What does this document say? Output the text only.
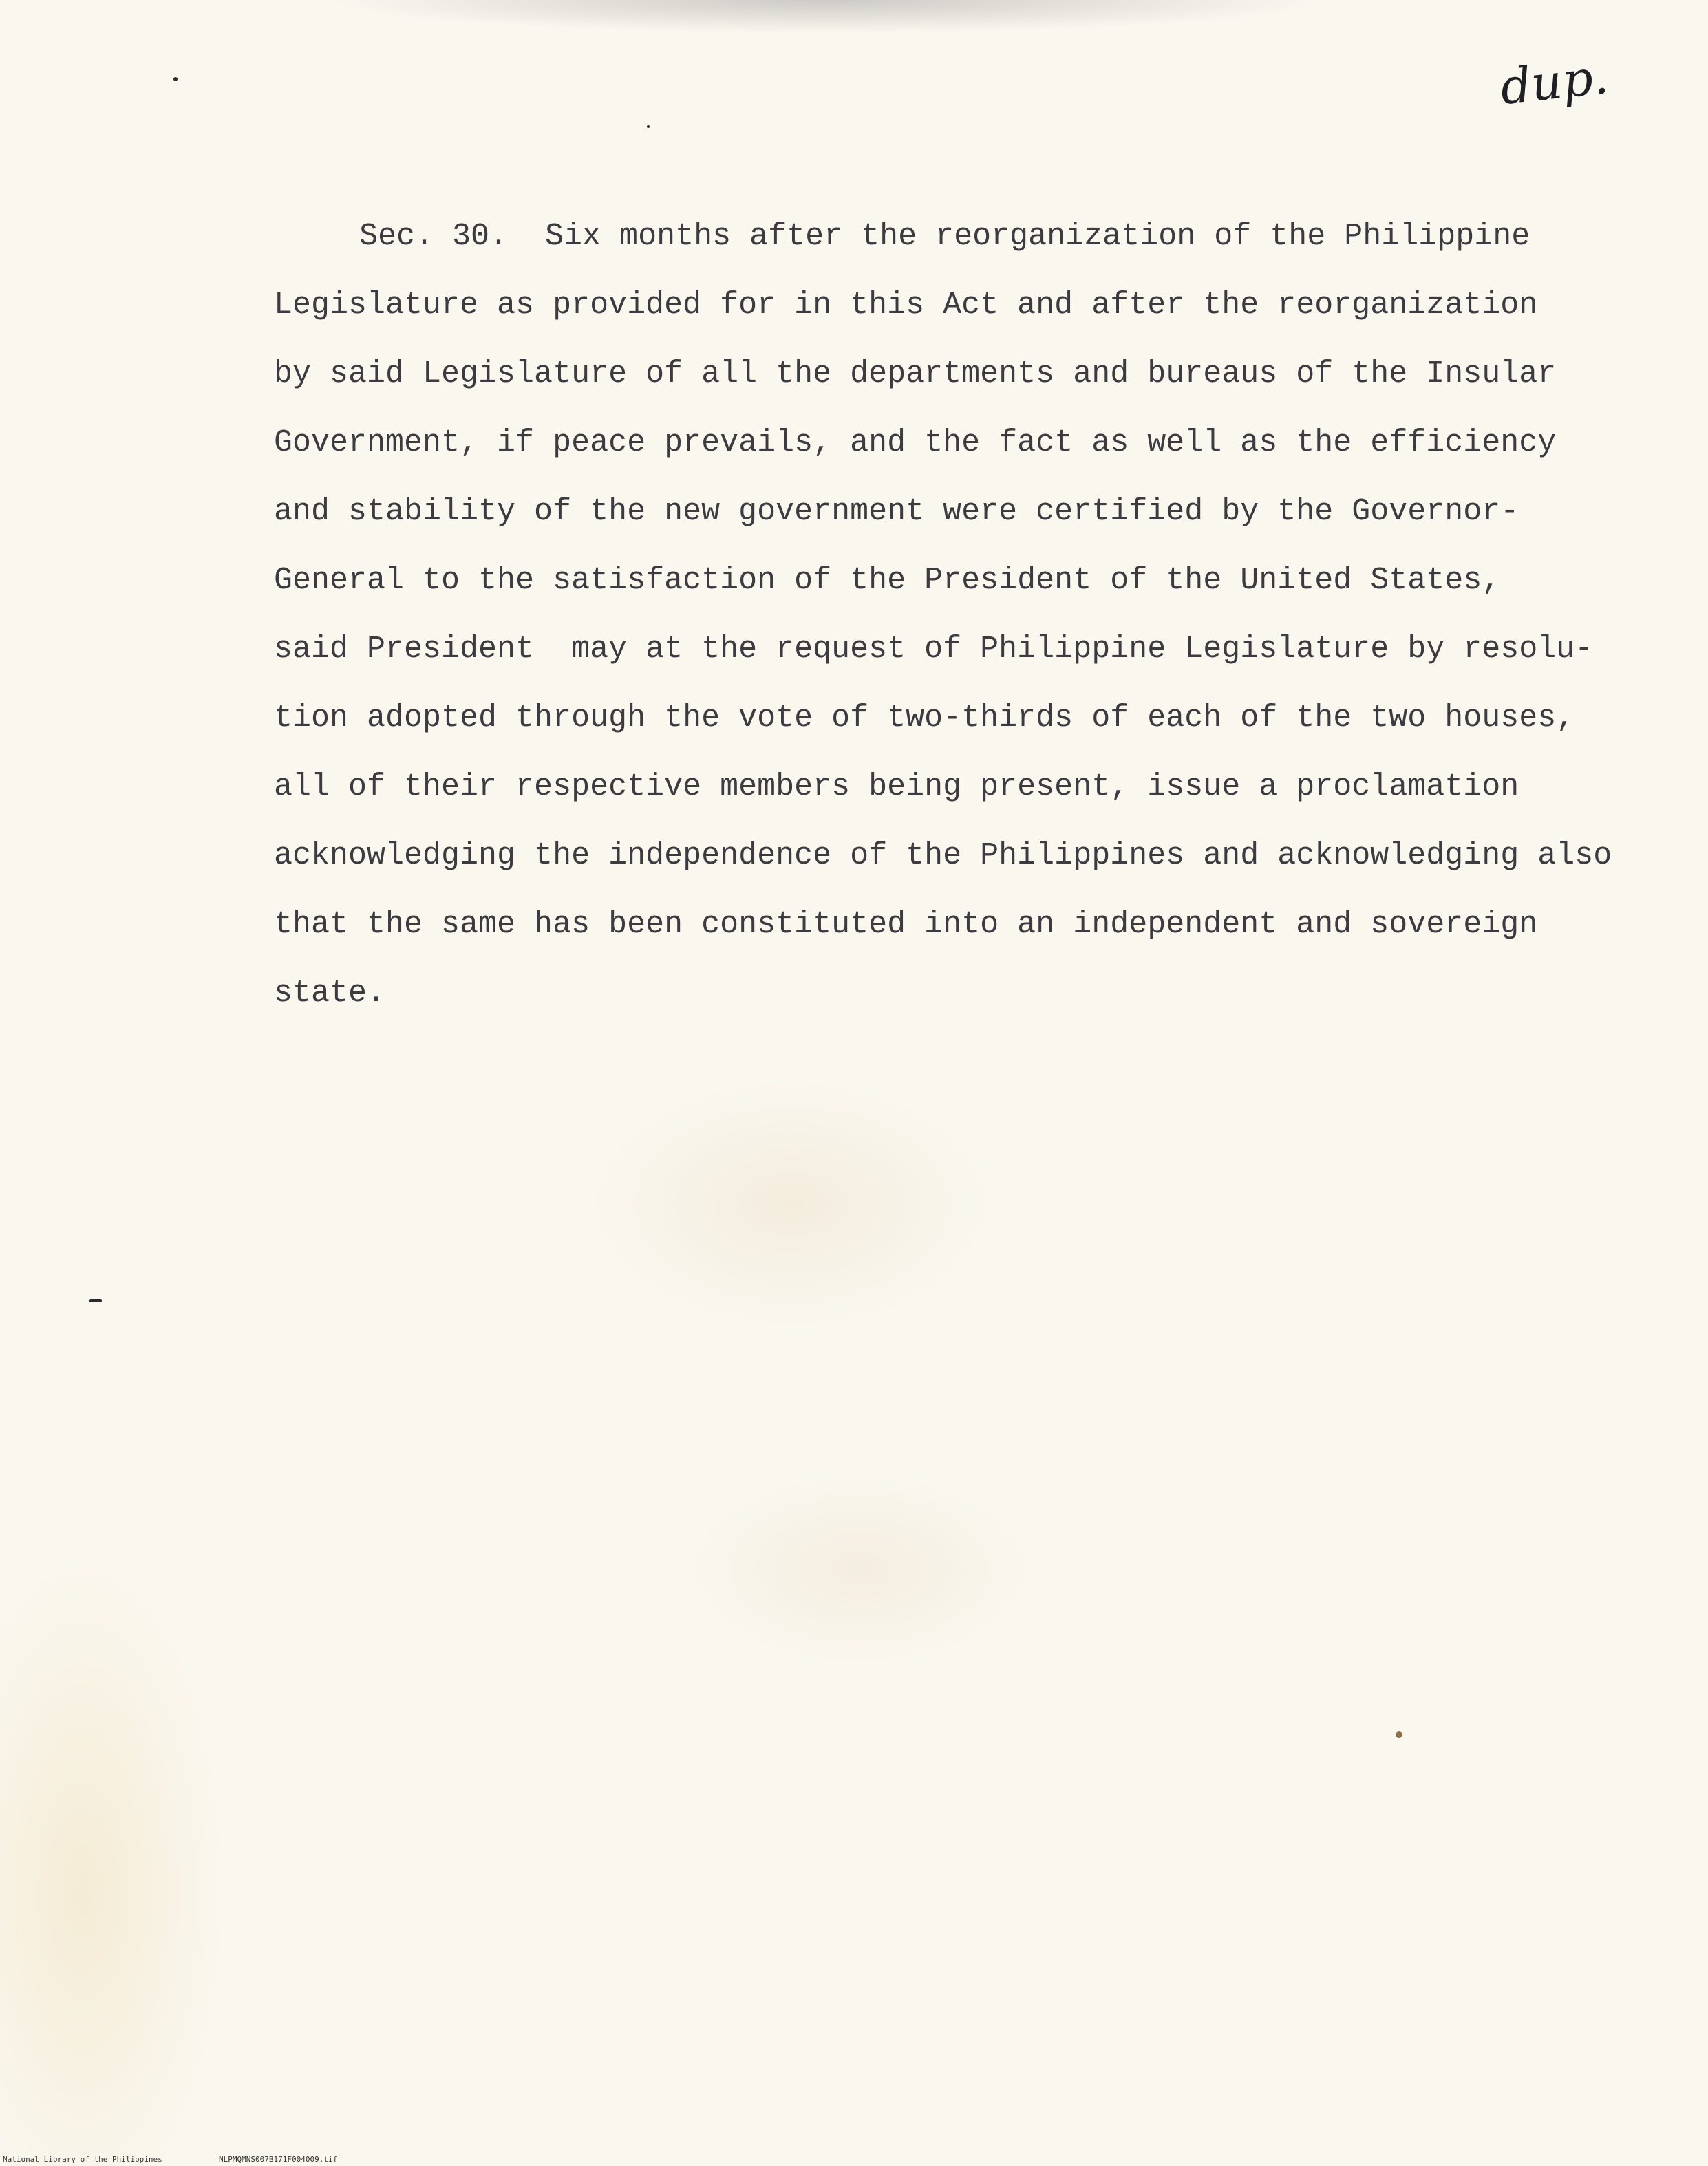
dup.

Sec. 30.  Six months after the reorganization of the Philippine
Legislature as provided for in this Act and after the reorganization
by said Legislature of all the departments and bureaus of the Insular
Government, if peace prevails, and the fact as well as the efficiency
and stability of the new government were certified by the Governor-
General to the satisfaction of the President of the United States,
said President  may at the request of Philippine Legislature by resolu-
tion adopted through the vote of two-thirds of each of the two houses,
all of their respective members being present, issue a proclamation
acknowledging the independence of the Philippines and acknowledging also
that the same has been constituted into an independent and sovereign
state.

National Library of the Philippines	NLPMQMNS007B171F004009.tif
